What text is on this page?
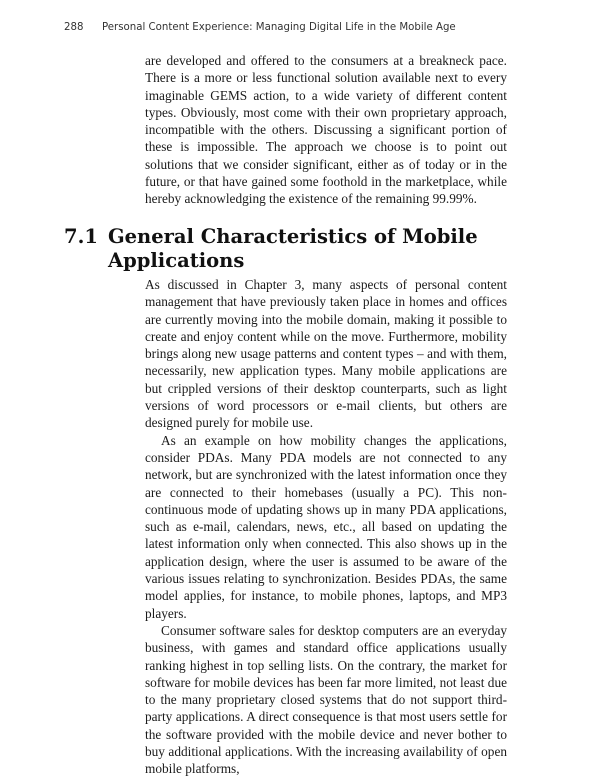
288 Personal Content Experience: Managing Digital Life in the Mobile Age

are developed and offered to the consumers at a breakneck pace. There is a more or less functional solution available next to every imaginable GEMS action, to a wide variety of different content types. Obviously, most come with their own proprietary approach, incompatible with the others. Discussing a significant portion of these is impossible. The approach we choose is to point out solutions that we consider significant, either as of today or in the future, or that have gained some foothold in the marketplace, while hereby acknowledging the existence of the remaining 99.99%.

7.1 General Characteristics of Mobile Applications

As discussed in Chapter 3, many aspects of personal content management that have previously taken place in homes and offices are currently moving into the mobile domain, making it possible to create and enjoy content while on the move. Furthermore, mobility brings along new usage patterns and content types – and with them, necessarily, new application types. Many mobile applications are but crippled versions of their desktop counterparts, such as light versions of word processors or e-mail clients, but others are designed purely for mobile use.

As an example on how mobility changes the applications, consider PDAs. Many PDA models are not connected to any network, but are synchronized with the latest information once they are connected to their homebases (usually a PC). This non-continuous mode of updating shows up in many PDA applications, such as e-mail, calendars, news, etc., all based on updating the latest information only when connected. This also shows up in the application design, where the user is assumed to be aware of the various issues relating to synchronization. Besides PDAs, the same model applies, for instance, to mobile phones, laptops, and MP3 players.

Consumer software sales for desktop computers are an everyday business, with games and standard office applications usually ranking highest in top selling lists. On the contrary, the market for software for mobile devices has been far more limited, not least due to the many proprietary closed systems that do not support third-party applications. A direct consequence is that most users settle for the software provided with the mobile device and never bother to buy additional applications. With the increasing availability of open mobile platforms,
